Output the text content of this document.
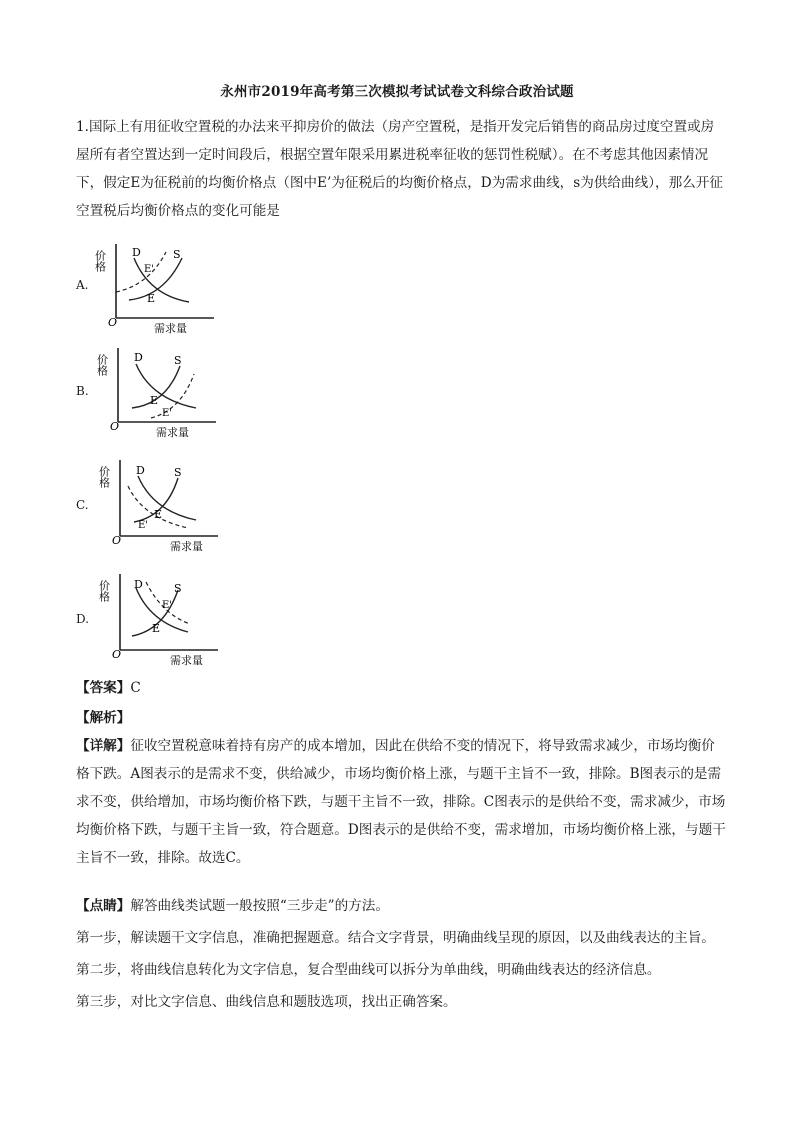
永州市2019年高考第三次模拟考试试卷文科综合政治试题
1.国际上有用征收空置税的办法来平抑房价的做法（房产空置税，是指开发完后销售的商品房过度空置或房屋所有者空置达到一定时间段后，根据空置年限采用累进税率征收的惩罚性税赋）。在不考虑其他因素情况下，假定E为征税前的均衡价格点（图中E’为征税后的均衡价格点，D为需求曲线，s为供给曲线），那么开征空置税后均衡价格点的变化可能是
A.
价格
O	需求量
D	S
E'
E
B.
价格
O	需求量
D	S
E
E'
C.
价格
O	需求量
D	S
E
E'
D.
价格
O	需求量
D	S
E'
E
【答案】C
【解析】
【详解】征收空置税意味着持有房产的成本增加，因此在供给不变的情况下，将导致需求减少，市场均衡价格下跌。A图表示的是需求不变，供给减少，市场均衡价格上涨，与题干主旨不一致，排除。B图表示的是需求不变，供给增加，市场均衡价格下跌，与题干主旨不一致，排除。C图表示的是供给不变，需求减少，市场均衡价格下跌，与题干主旨一致，符合题意。D图表示的是供给不变，需求增加，市场均衡价格上涨，与题干主旨不一致，排除。故选C。
【点睛】解答曲线类试题一般按照“三步走”的方法。
第一步，解读题干文字信息，准确把握题意。结合文字背景，明确曲线呈现的原因，以及曲线表达的主旨。
第二步，将曲线信息转化为文字信息，复合型曲线可以拆分为单曲线，明确曲线表达的经济信息。
第三步，对比文字信息、曲线信息和题肢选项，找出正确答案。
